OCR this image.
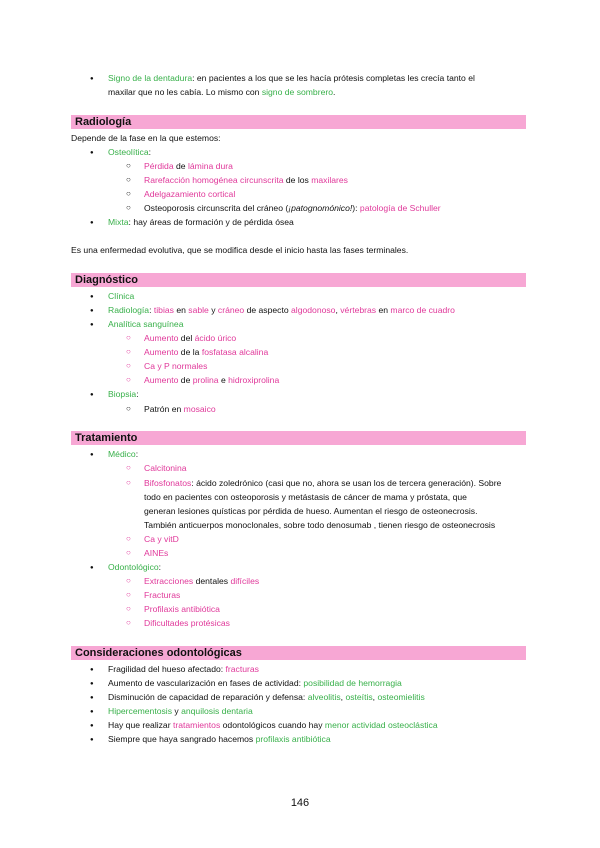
Signo de la dentadura: en pacientes a los que se les hacía prótesis completas les crecía tanto el
maxilar que no les cabía. Lo mismo con signo de sombrero.
Radiología
Depende de la fase en la que estemos:
Osteolítica:
Pérdida de lámina dura
Rarefacción homogénea circunscrita de los maxilares
Adelgazamiento cortical
Osteoporosis circunscrita del cráneo (¡patognomónico!): patología de Schuller
Mixta: hay áreas de formación y de pérdida ósea
Es una enfermedad evolutiva, que se modifica desde el inicio hasta las fases terminales.
Diagnóstico
Clínica
Radiología: tibias en sable y cráneo de aspecto algodonoso, vértebras en marco de cuadro
Analítica sanguínea
Aumento del ácido úrico
Aumento de la fosfatasa alcalina
Ca y P normales
Aumento de prolina e hidroxiprolina
Biopsia:
Patrón en mosaico
Tratamiento
Médico:
Calcitonina
Bifosfonatos: ácido zoledrónico (casi que no, ahora se usan los de tercera generación). Sobre
todo en pacientes con osteoporosis y metástasis de cáncer de mama y próstata, que
generan lesiones quísticas por pérdida de hueso. Aumentan el riesgo de osteonecrosis.
También anticuerpos monoclonales, sobre todo denosumab , tienen riesgo de osteonecrosis
Ca y vitD
AINEs
Odontológico:
Extracciones dentales difíciles
Fracturas
Profilaxis antibiótica
Dificultades protésicas
Consideraciones odontológicas
Fragilidad del hueso afectado: fracturas
Aumento de vascularización en fases de actividad: posibilidad de hemorragia
Disminución de capacidad de reparación y defensa: alveolitis, osteítis, osteomielitis
Hipercementosis y anquilosis dentaria
Hay que realizar tratamientos odontológicos cuando hay menor actividad osteoclástica
Siempre que haya sangrado hacemos profilaxis antibiótica
146
